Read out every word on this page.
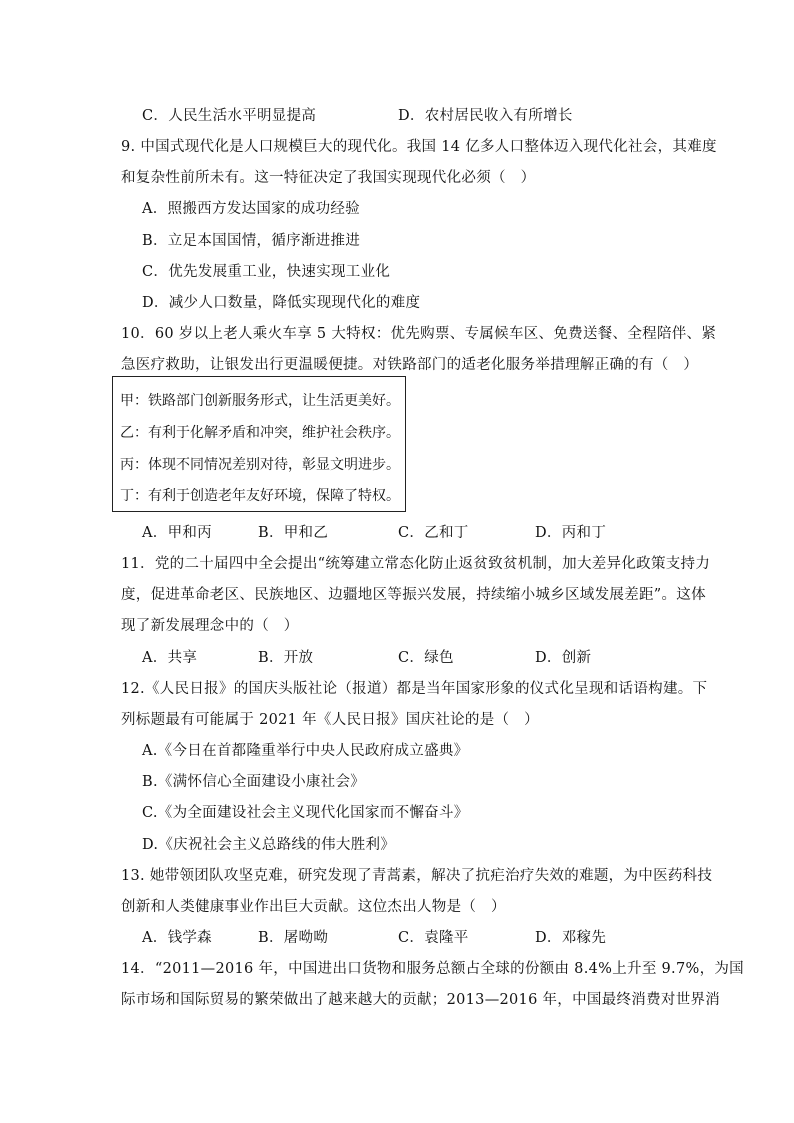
C．人民生活水平明显提高	D．农村居民收入有所增长
9. 中国式现代化是人口规模巨大的现代化。我国 14 亿多人口整体迈入现代化社会，其难度
和复杂性前所未有。这一特征决定了我国实现现代化必须（　）
A．照搬西方发达国家的成功经验
B．立足本国国情，循序渐进推进
C．优先发展重工业，快速实现工业化
D．减少人口数量，降低实现现代化的难度
10．60 岁以上老人乘火车享 5 大特权：优先购票、专属候车区、免费送餐、全程陪伴、紧
急医疗救助，让银发出行更温暖便捷。对铁路部门的适老化服务举措理解正确的有（　）
甲：铁路部门创新服务形式，让生活更美好。
乙：有利于化解矛盾和冲突，维护社会秩序。
丙：体现不同情况差别对待，彰显文明进步。
丁：有利于创造老年友好环境，保障了特权。
A．甲和丙	B．甲和乙	C．乙和丁	D．丙和丁
11．党的二十届四中全会提出“统筹建立常态化防止返贫致贫机制，加大差异化政策支持力
度，促进革命老区、民族地区、边疆地区等振兴发展，持续缩小城乡区域发展差距”。这体
现了新发展理念中的（　）
A．共享	B．开放	C．绿色	D．创新
12.《人民日报》的国庆头版社论（报道）都是当年国家形象的仪式化呈现和话语构建。下
列标题最有可能属于 2021 年《人民日报》国庆社论的是（　）
A.《今日在首都隆重举行中央人民政府成立盛典》
B.《满怀信心全面建设小康社会》
C.《为全面建设社会主义现代化国家而不懈奋斗》
D.《庆祝社会主义总路线的伟大胜利》
13. 她带领团队攻坚克难，研究发现了青蒿素，解决了抗疟治疗失效的难题，为中医药科技
创新和人类健康事业作出巨大贡献。这位杰出人物是（　）
A．钱学森	B．屠呦呦	C．袁隆平	D．邓稼先
14．“2011—2016 年，中国进出口货物和服务总额占全球的份额由 8.4%上升至 9.7%，为国
际市场和国际贸易的繁荣做出了越来越大的贡献；2013—2016 年，中国最终消费对世界消
